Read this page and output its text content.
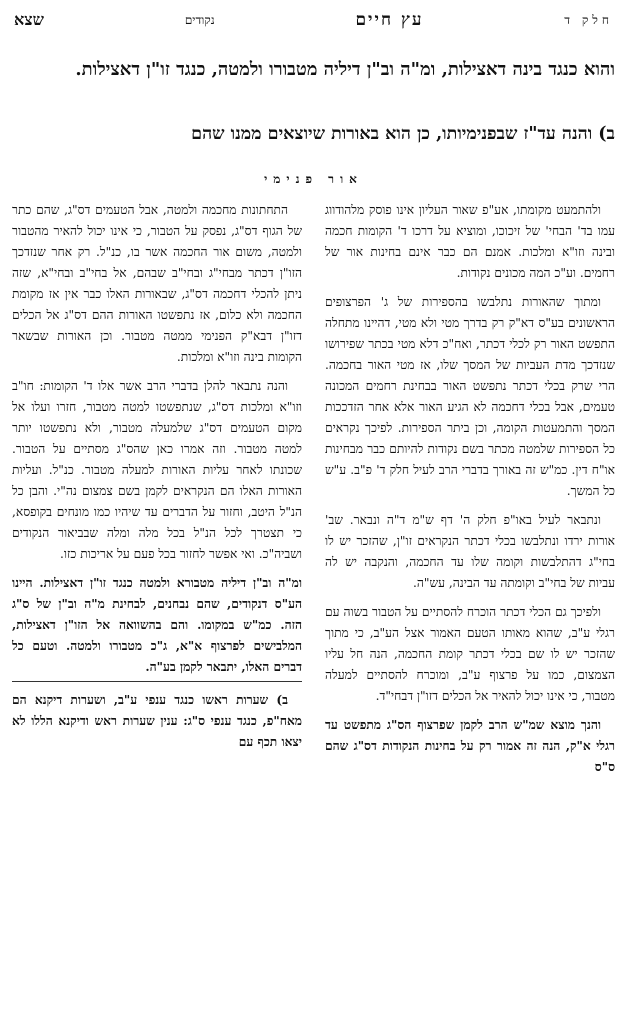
חלק ד
עץ חיים
נקודים
שצא
והוא כנגד בינה דאצילות, ומ"ה וב"ן דיליה מטבורו ולמטה, כנגד זו"ן דאצילות.
ב) והנה עד"ז שבפנימיותו, כן הוא באורות שיוצאים ממנו שהם
אור פנימי

ולהתמעט מקומתו, אע"פ שאור העליון אינו פוסק מלהודווג עמו בד' הבחי' של זיכוכו, ומוציא על דרכו ד' הקומות חכמה ובינה וזו"א ומלכות. אמנם הם כבר אינם בחינות אור של רחמים. וע"כ המה מכונים נקודות.

ומתוך שהאורות נתלבשו בהספירות של ג' הפרצופים הראשונים בע"ס דא"ק רק בדרך מטי ולא מטי, דהיינו מתחלה התפשט האור רק לכלי דכתר, ואח"כ דלא מטי בכתר שפירושו שנזדכך מדת העביות של המסך שלו, אז מטי האור בחכמה. הרי שרק בכלי דכתר נתפשט האור בבחינת רחמים המכונה טעמים, אבל בכלי דחכמה לא הגיע האור אלא אחר הזדככות המסך והתמעטות הקומה, וכן ביתר הספירות. לפיכך נקראים כל הספירות שלמטה מכתר בשם נקודות להיותם כבר מבחינות או"ח דין. כמ"ש זה באורך בדברי הרב לעיל חלק ד' פ"ב. ע"ש כל המשך.

ונתבאר לעיל באו"פ חלק ה' דף ש"מ ד"ה ונבאר. שב' אורות ירדו ונתלבשו בכלי דכתר הנקראים זו"ן, שהזכר יש לו בחי"ג דהתלבשות וקומה שלו עד החכמה, והנקבה יש לה עביות של בחי"ב וקומתה עד הבינה, עש"ה.

ולפיכך גם הכלי דכתר הוכרח להסתיים על הטבור בשוה עם רגלי ע"ב, שהוא מאותו הטעם האמור אצל הע"ב, כי מתוך שהזכר יש לו שם בכלי דכתר קומת החכמה, הנה חל עליו הצמצום, כמו על פרצוף ע"ב, ומוכרח להסתיים למעלה מטבור, כי אינו יכול להאיר אל הכלים דזו"ן דבחי"ד.

והנך מוצא שמ"ש הרב לקמן שפרצוף הס"ג מתפשט עד רגלי א"ק, הנה זה אמור רק על בחינות הנקודות דס"ג שהם ס"ס

התחתונות מחכמה ולמטה, אבל הטעמים דס"ג, שהם כתר של הגוף דס"ג, נפסק על הטבור, כי אינו יכול להאיר מהטבור ולמטה, משום אור החכמה אשר בו, כנ"ל. רק אחר שנזדכך הזו"ן דכתר מבחי"ג ובחי"ב שבהם, אל בחי"ב ובחי"א, שזה ניתן להכלי דחכמה דס"ג, שבאורות האלו כבר אין אז מקומת החכמה ולא כלום, אז נתפשטו האורות ההם דס"ג אל הכלים דזו"ן דבא"ק הפנימי ממטה מטבור. וכן האורות שבשאר הקומות בינה וזו"א ומלכות.

והנה נתבאר להלן בדברי הרב אשר אלו ד' הקומות: חו"ב וזו"א ומלכות דס"ג, שנתפשטו למטה מטבור, חזרו ועלו אל מקום הטעמים דס"ג שלמעלה מטבור, ולא נתפשטו יותר למטה מטבור. וזה אמרו כאן שהס"ג מסתיים על הטבור. שכונתו לאחר עליות האורות למעלה מטבור. כנ"ל. ועליות האורות האלו הם הנקראים לקמן בשם צמצום נה"י. והבן כל הנ"ל היטב, וחזור על הדברים עד שיהיו כמו מונחים בקופסא, כי תצטרך לכל הנ"ל בכל מלה ומלה שבביאור הנקודים ושביה"כ. ואי אפשר לחזור בכל פעם על אריכות כזו.

ומ"ה וב"ן דיליה מטבורא ולמטה כנגד זו"ן דאצילות. היינו הע"ס דנקודים, שהם נבחנים, לבחינת מ"ה וב"ן של ס"ג הזה. כמ"ש במקומו. והם בהשוואה אל הזו"ן דאצילות, המלבישים לפרצוף א"א, ג"כ מטבורו ולמטה. וטעם כל דברים האלו, יתבאר לקמן בע"ה.

ב) שערות ראשו כנגד ענפי ע"ב, ושערות דיקנא הם מאח"פ, כנגד ענפי ס"ג: ענין שערות ראש ודיקנא הללו לא יצאו תכף עם
